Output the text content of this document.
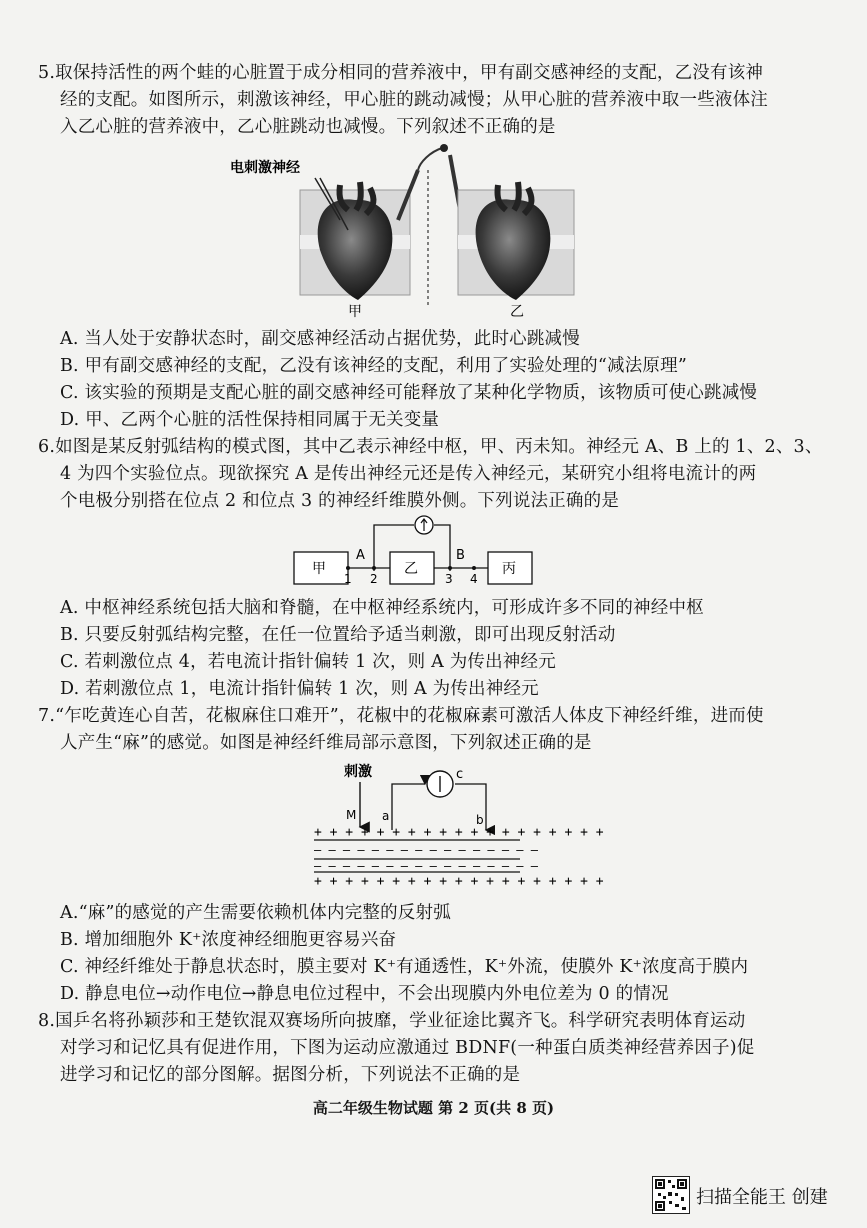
5.取保持活性的两个蛙的心脏置于成分相同的营养液中，甲有副交感神经的支配，乙没有该神
经的支配。如图所示，刺激该神经，甲心脏的跳动减慢；从甲心脏的营养液中取一些液体注
入乙心脏的营养液中，乙心脏跳动也减慢。下列叙述不正确的是
电刺激神经
甲	乙
A. 当人处于安静状态时，副交感神经活动占据优势，此时心跳减慢
B. 甲有副交感神经的支配，乙没有该神经的支配，利用了实验处理的“减法原理”
C. 该实验的预期是支配心脏的副交感神经可能释放了某种化学物质，该物质可使心跳减慢
D. 甲、乙两个心脏的活性保持相同属于无关变量
6.如图是某反射弧结构的模式图，其中乙表示神经中枢，甲、丙未知。神经元 A、B 上的 1、2、3、
4 为四个实验位点。现欲探究 A 是传出神经元还是传入神经元，某研究小组将电流计的两
个电极分别搭在位点 2 和位点 3 的神经纤维膜外侧。下列说法正确的是
甲	乙	丙
A	B
1 2	3 4
A. 中枢神经系统包括大脑和脊髓，在中枢神经系统内，可形成许多不同的神经中枢
B. 只要反射弧结构完整，在任一位置给予适当刺激，即可出现反射活动
C. 若刺激位点 4，若电流计指针偏转 1 次，则 A 为传出神经元
D. 若刺激位点 1，电流计指针偏转 1 次，则 A 为传出神经元
7.“乍吃黄连心自苦，花椒麻住口难开”，花椒中的花椒麻素可激活人体皮下神经纤维，进而使
人产生“麻”的感觉。如图是神经纤维局部示意图，下列叙述正确的是
刺激
M
c
a	b
+ + + + + + + + + + + + + + + + + + +
— — — — — — — — — — — — — — — —
— — — — — — — — — — — — — — — —
+ + + + + + + + + + + + + + + + + + +
A.“麻”的感觉的产生需要依赖机体内完整的反射弧
B. 增加细胞外 K⁺浓度神经细胞更容易兴奋
C. 神经纤维处于静息状态时，膜主要对 K⁺有通透性，K⁺外流，使膜外 K⁺浓度高于膜内
D. 静息电位→动作电位→静息电位过程中，不会出现膜内外电位差为 0 的情况
8.国乒名将孙颖莎和王楚钦混双赛场所向披靡，学业征途比翼齐飞。科学研究表明体育运动
对学习和记忆具有促进作用，下图为运动应激通过 BDNF(一种蛋白质类神经营养因子)促
进学习和记忆的部分图解。据图分析，下列说法不正确的是
高二年级生物试题 第 2 页(共 8 页)
扫描全能王 创建
